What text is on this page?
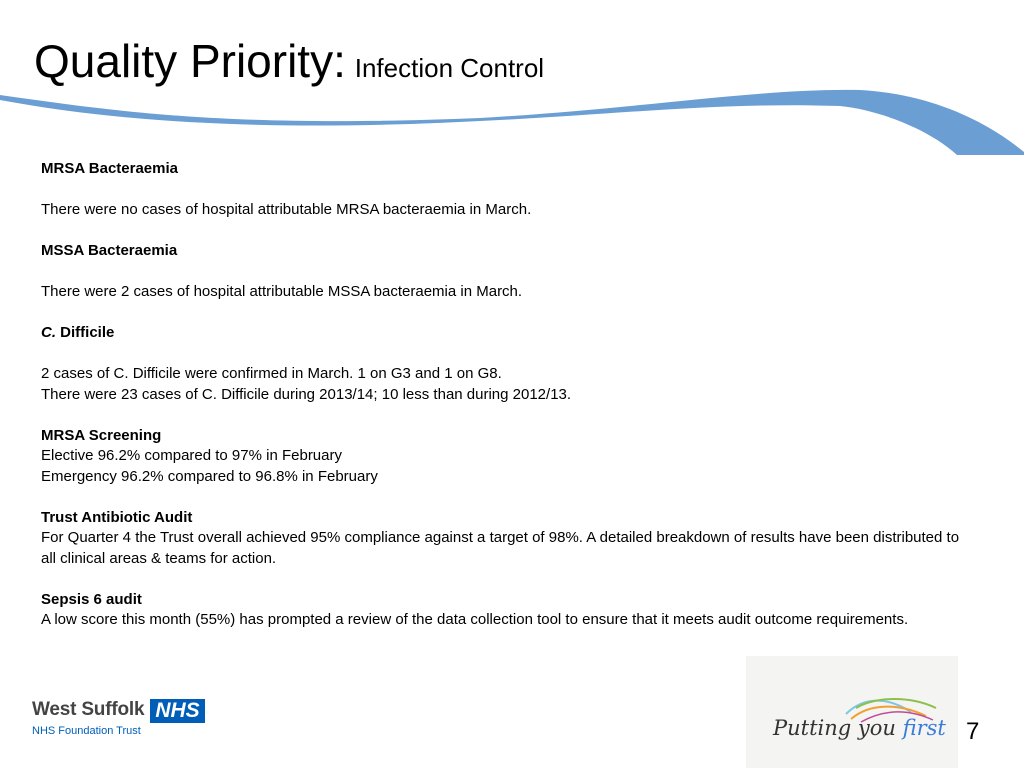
Quality Priority: Infection Control

MRSA Bacteraemia

There were no cases of hospital attributable MRSA bacteraemia in March.

MSSA Bacteraemia

There were 2 cases of hospital attributable MSSA bacteraemia in March.

C. Difficile

2 cases of C. Difficile were confirmed in March. 1 on G3 and 1 on G8.

There were 23 cases of C. Difficile during 2013/14; 10 less than during 2012/13.

MRSA Screening

Elective 96.2% compared to 97% in February

Emergency 96.2% compared to 96.8% in February

Trust Antibiotic Audit

For Quarter 4 the Trust overall achieved 95% compliance against a target of 98%. A detailed breakdown of results have been distributed to all clinical areas & teams for action.

Sepsis 6 audit

A low score this month (55%) has prompted a review of the data collection tool to ensure that it meets audit outcome requirements.

West Suffolk NHS
NHS Foundation Trust	Putting you first 7
